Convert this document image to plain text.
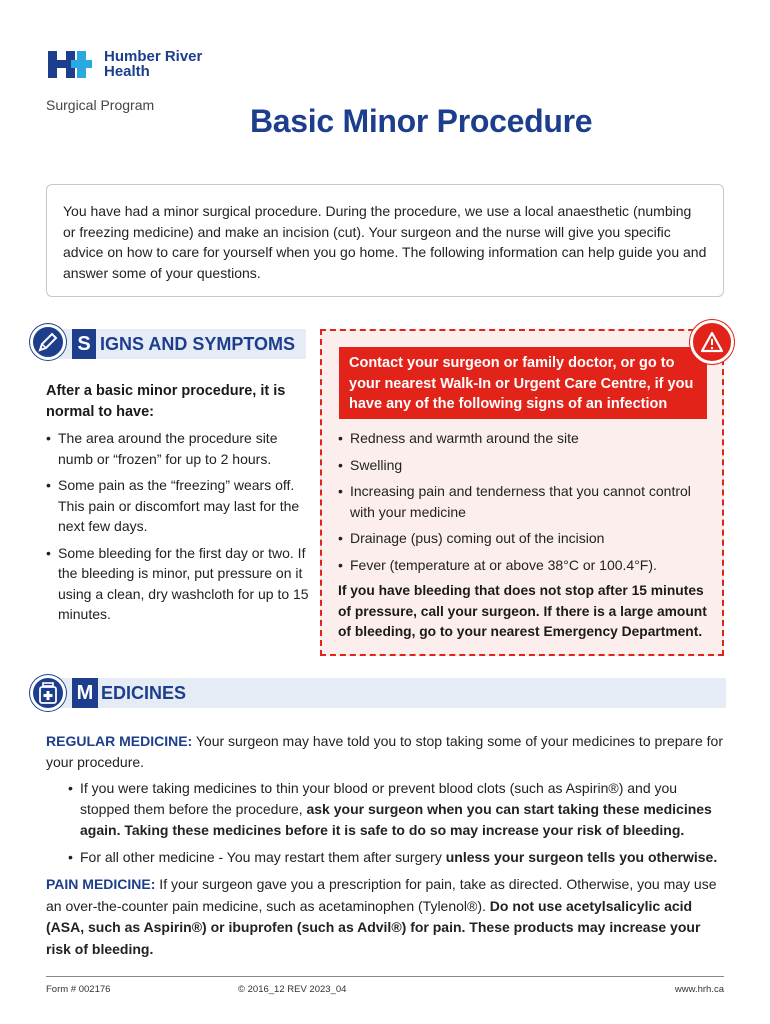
Humber River
Health
Surgical Program	Basic Minor Procedure
You have had a minor surgical procedure. During the procedure, we use a local anaesthetic (numbing or freezing medicine) and make an incision (cut). Your surgeon and the nurse will give you specific advice on how to care for yourself when you go home. The following information can help guide you and answer some of your questions.
S IGNS AND SYMPTOMS
After a basic minor procedure, it is normal to have:
• The area around the procedure site numb or “frozen” for up to 2 hours.
• Some pain as the “freezing” wears off. This pain or discomfort may last for the next few days.
• Some bleeding for the first day or two. If the bleeding is minor, put pressure on it using a clean, dry washcloth for up to 15 minutes.
Contact your surgeon or family doctor, or go to your nearest Walk-In or Urgent Care Centre, if you have any of the following signs of an infection
• Redness and warmth around the site
• Swelling
• Increasing pain and tenderness that you cannot control with your medicine
• Drainage (pus) coming out of the incision
• Fever (temperature at or above 38°C or 100.4°F).
If you have bleeding that does not stop after 15 minutes of pressure, call your surgeon. If there is a large amount of bleeding, go to your nearest Emergency Department.
M EDICINES
REGULAR MEDICINE: Your surgeon may have told you to stop taking some of your medicines to prepare for your procedure.
• If you were taking medicines to thin your blood or prevent blood clots (such as Aspirin®) and you stopped them before the procedure, ask your surgeon when you can start taking these medicines again. Taking these medicines before it is safe to do so may increase your risk of bleeding.
• For all other medicine - You may restart them after surgery unless your surgeon tells you otherwise.
PAIN MEDICINE: If your surgeon gave you a prescription for pain, take as directed. Otherwise, you may use an over-the-counter pain medicine, such as acetaminophen (Tylenol®). Do not use acetylsalicylic acid (ASA, such as Aspirin®) or ibuprofen (such as Advil®) for pain. These products may increase your risk of bleeding.
Form # 002176	© 2016_12 REV 2023_04	www.hrh.ca
